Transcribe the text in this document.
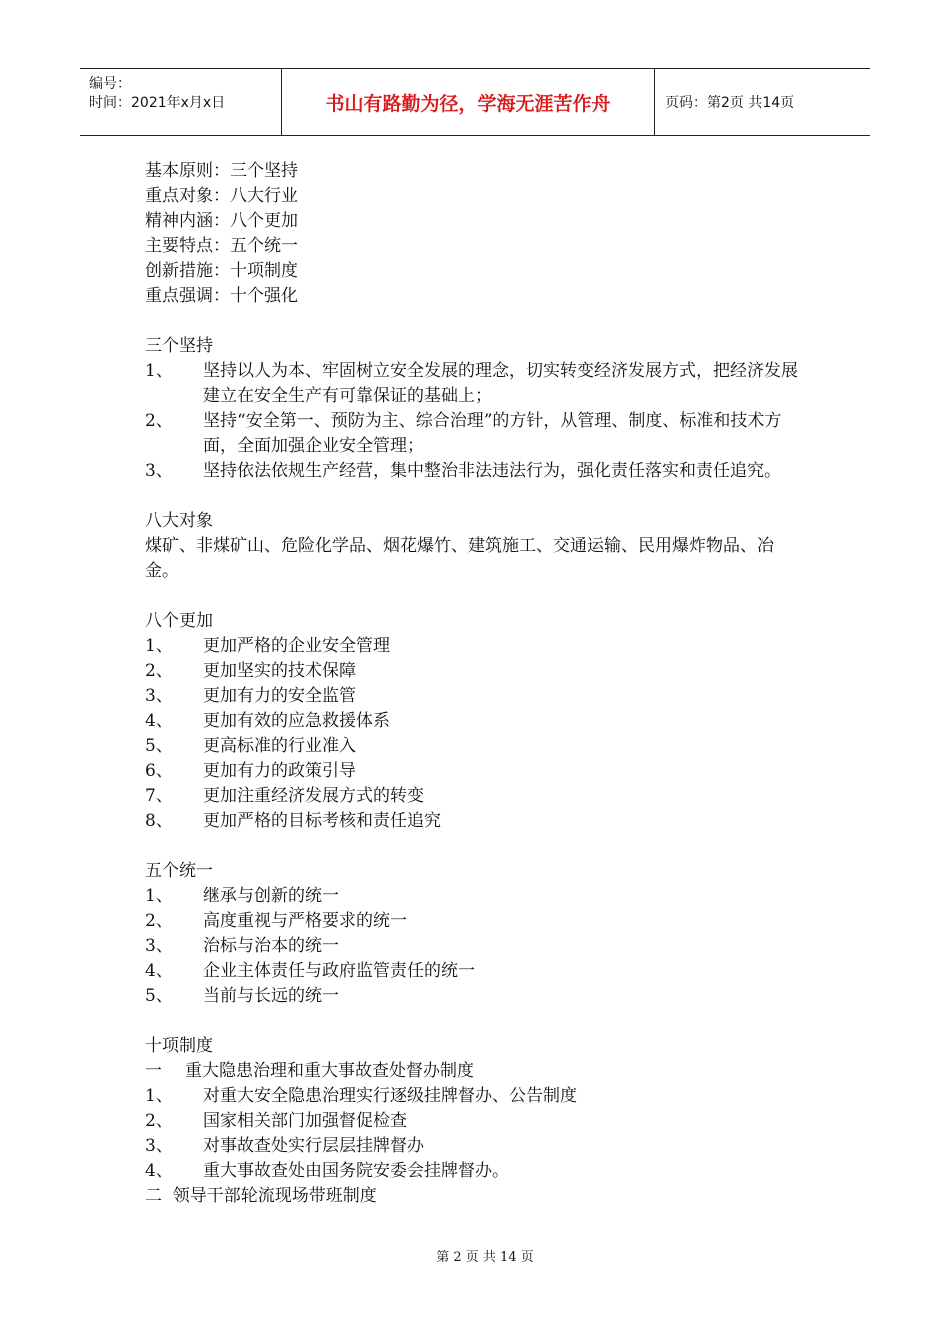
编号：
时间：2021年x月x日	书山有路勤为径，学海无涯苦作舟	页码：第2页 共14页
基本原则：三个坚持
重点对象：八大行业
精神内涵：八个更加
主要特点：五个统一
创新措施：十项制度
重点强调：十个强化
三个坚持
1、	坚持以人为本、牢固树立安全发展的理念，切实转变经济发展方式，把经济发展建立在安全生产有可靠保证的基础上；
2、	坚持“安全第一、预防为主、综合治理”的方针，从管理、制度、标准和技术方面，全面加强企业安全管理；
3、	坚持依法依规生产经营，集中整治非法违法行为，强化责任落实和责任追究。
八大对象
煤矿、非煤矿山、危险化学品、烟花爆竹、建筑施工、交通运输、民用爆炸物品、冶金。
八个更加
1、	更加严格的企业安全管理
2、	更加坚实的技术保障
3、	更加有力的安全监管
4、	更加有效的应急救援体系
5、	更高标准的行业准入
6、	更加有力的政策引导
7、	更加注重经济发展方式的转变
8、	更加严格的目标考核和责任追究
五个统一
1、	继承与创新的统一
2、	高度重视与严格要求的统一
3、	治标与治本的统一
4、	企业主体责任与政府监管责任的统一
5、	当前与长远的统一
十项制度
一	重大隐患治理和重大事故查处督办制度
1、	对重大安全隐患治理实行逐级挂牌督办、公告制度
2、	国家相关部门加强督促检查
3、	对事故查处实行层层挂牌督办
4、	重大事故查处由国务院安委会挂牌督办。
二  领导干部轮流现场带班制度
第 2 页 共 14 页
